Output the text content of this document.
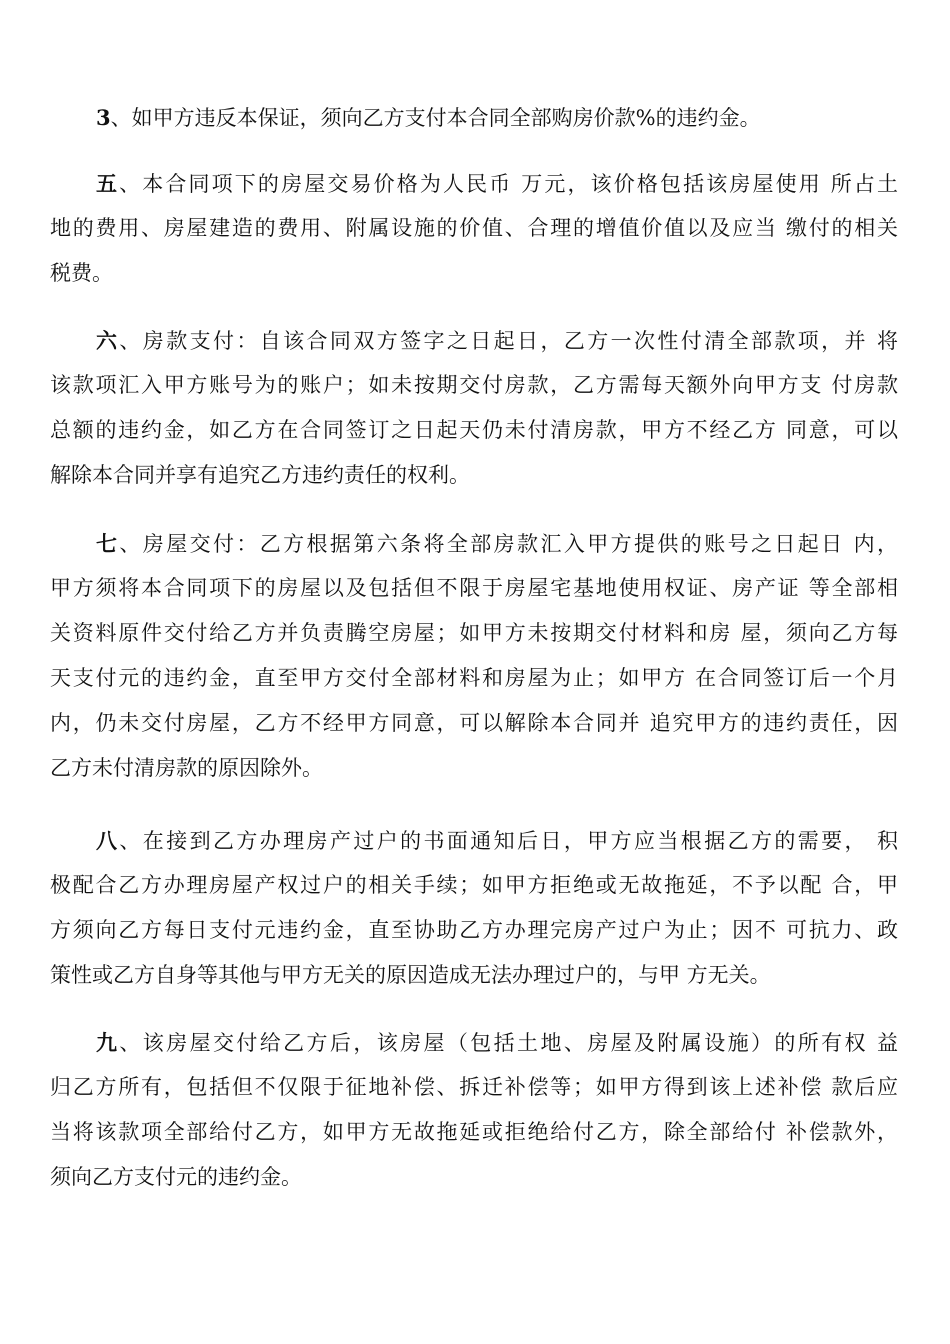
3、如甲方违反本保证，须向乙方支付本合同全部购房价款%的违约金。
五、本合同项下的房屋交易价格为人民币 万元，该价格包括该房屋使用 所占土
地的费用、房屋建造的费用、附属设施的价值、合理的增值价值以及应当 缴付的相关
税费。
六、房款支付：自该合同双方签字之日起日，乙方一次性付清全部款项，并 将
该款项汇入甲方账号为的账户；如未按期交付房款，乙方需每天额外向甲方支 付房款
总额的违约金，如乙方在合同签订之日起天仍未付清房款，甲方不经乙方 同意，可以
解除本合同并享有追究乙方违约责任的权利。
七、房屋交付：乙方根据第六条将全部房款汇入甲方提供的账号之日起日 内，
甲方须将本合同项下的房屋以及包括但不限于房屋宅基地使用权证、房产证 等全部相
关资料原件交付给乙方并负责腾空房屋；如甲方未按期交付材料和房 屋，须向乙方每
天支付元的违约金，直至甲方交付全部材料和房屋为止；如甲方 在合同签订后一个月
内，仍未交付房屋，乙方不经甲方同意，可以解除本合同并 追究甲方的违约责任，因
乙方未付清房款的原因除外。
八、在接到乙方办理房产过户的书面通知后日，甲方应当根据乙方的需要， 积
极配合乙方办理房屋产权过户的相关手续；如甲方拒绝或无故拖延，不予以配 合，甲
方须向乙方每日支付元违约金，直至协助乙方办理完房产过户为止；因不 可抗力、政
策性或乙方自身等其他与甲方无关的原因造成无法办理过户的，与甲 方无关。
九、该房屋交付给乙方后，该房屋（包括土地、房屋及附属设施）的所有权 益
归乙方所有，包括但不仅限于征地补偿、拆迁补偿等；如甲方得到该上述补偿 款后应
当将该款项全部给付乙方，如甲方无故拖延或拒绝给付乙方，除全部给付 补偿款外，
须向乙方支付元的违约金。
